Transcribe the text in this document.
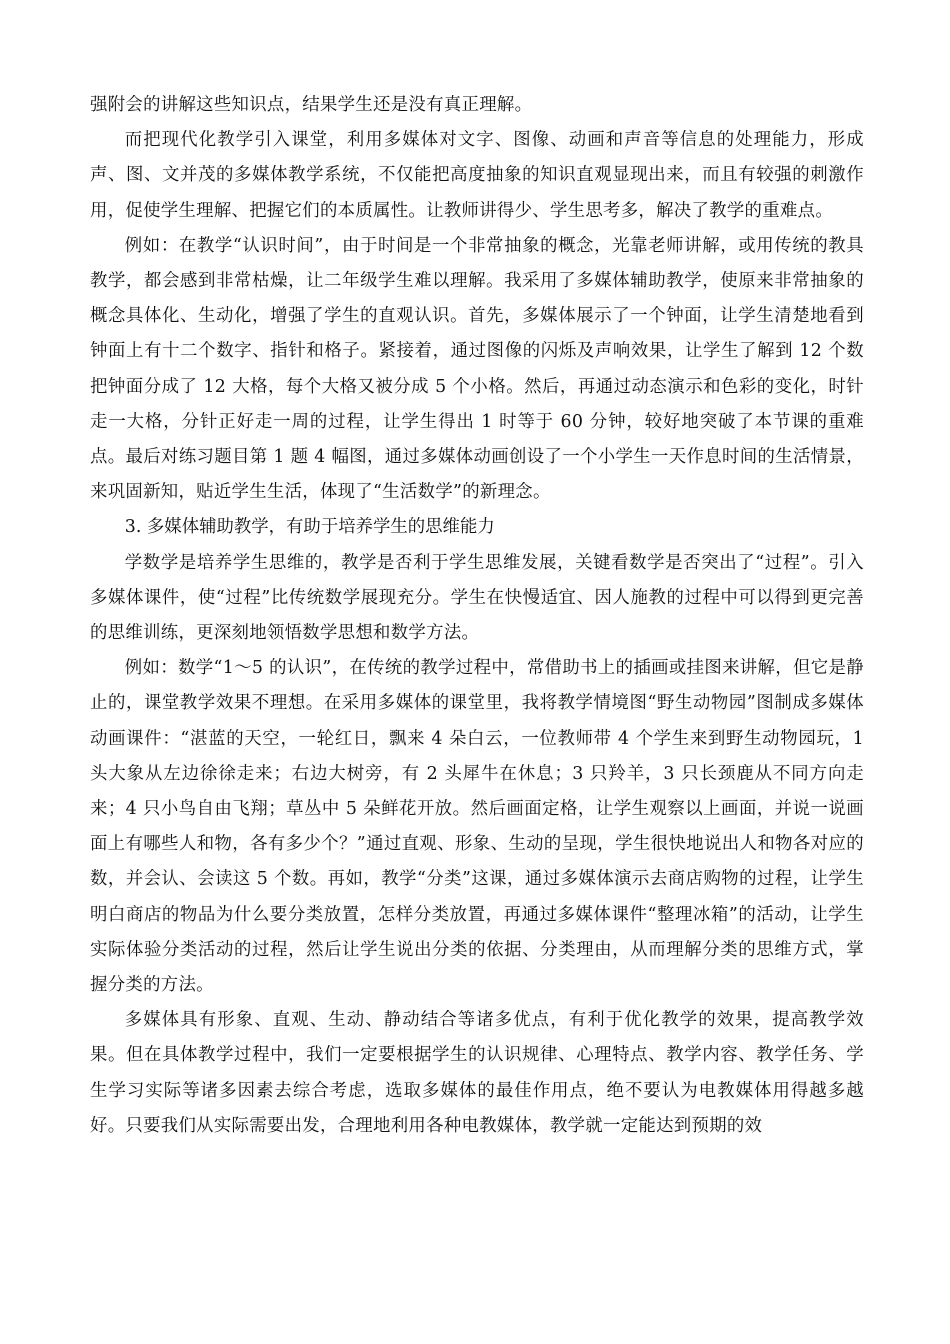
强附会的讲解这些知识点，结果学生还是没有真正理解。

而把现代化教学引入课堂，利用多媒体对文字、图像、动画和声音等信息的处理能力，形成声、图、文并茂的多媒体教学系统，不仅能把高度抽象的知识直观显现出来，而且有较强的刺激作用，促使学生理解、把握它们的本质属性。让教师讲得少、学生思考多，解决了教学的重难点。

例如：在教学“认识时间”，由于时间是一个非常抽象的概念，光靠老师讲解，或用传统的教具教学，都会感到非常枯燥，让二年级学生难以理解。我采用了多媒体辅助教学，使原来非常抽象的概念具体化、生动化，增强了学生的直观认识。首先，多媒体展示了一个钟面，让学生清楚地看到钟面上有十二个数字、指针和格子。紧接着，通过图像的闪烁及声响效果，让学生了解到 12 个数把钟面分成了 12 大格，每个大格又被分成 5 个小格。然后，再通过动态演示和色彩的变化，时针走一大格，分针正好走一周的过程，让学生得出 1 时等于 60 分钟，较好地突破了本节课的重难点。最后对练习题目第 1 题 4 幅图，通过多媒体动画创设了一个小学生一天作息时间的生活情景，来巩固新知，贴近学生生活，体现了“生活数学”的新理念。

3. 多媒体辅助教学，有助于培养学生的思维能力

学数学是培养学生思维的，教学是否利于学生思维发展，关键看数学是否突出了“过程”。引入多媒体课件，使“过程”比传统数学展现充分。学生在快慢适宜、因人施教的过程中可以得到更完善的思维训练，更深刻地领悟数学思想和数学方法。

例如：数学“1～5 的认识”，在传统的教学过程中，常借助书上的插画或挂图来讲解，但它是静止的，课堂教学效果不理想。在采用多媒体的课堂里，我将教学情境图“野生动物园”图制成多媒体动画课件：“湛蓝的天空，一轮红日，飘来 4 朵白云，一位教师带 4 个学生来到野生动物园玩，1 头大象从左边徐徐走来；右边大树旁，有 2 头犀牛在休息；3 只羚羊，3 只长颈鹿从不同方向走来；4 只小鸟自由飞翔；草丛中 5 朵鲜花开放。然后画面定格，让学生观察以上画面，并说一说画面上有哪些人和物，各有多少个？”通过直观、形象、生动的呈现，学生很快地说出人和物各对应的数，并会认、会读这 5 个数。再如，教学“分类”这课，通过多媒体演示去商店购物的过程，让学生明白商店的物品为什么要分类放置，怎样分类放置，再通过多媒体课件“整理冰箱”的活动，让学生实际体验分类活动的过程，然后让学生说出分类的依据、分类理由，从而理解分类的思维方式，掌握分类的方法。

多媒体具有形象、直观、生动、静动结合等诸多优点，有利于优化教学的效果，提高教学效果。但在具体教学过程中，我们一定要根据学生的认识规律、心理特点、教学内容、教学任务、学生学习实际等诸多因素去综合考虑，选取多媒体的最佳作用点，绝不要认为电教媒体用得越多越好。只要我们从实际需要出发，合理地利用各种电教媒体，教学就一定能达到预期的效
